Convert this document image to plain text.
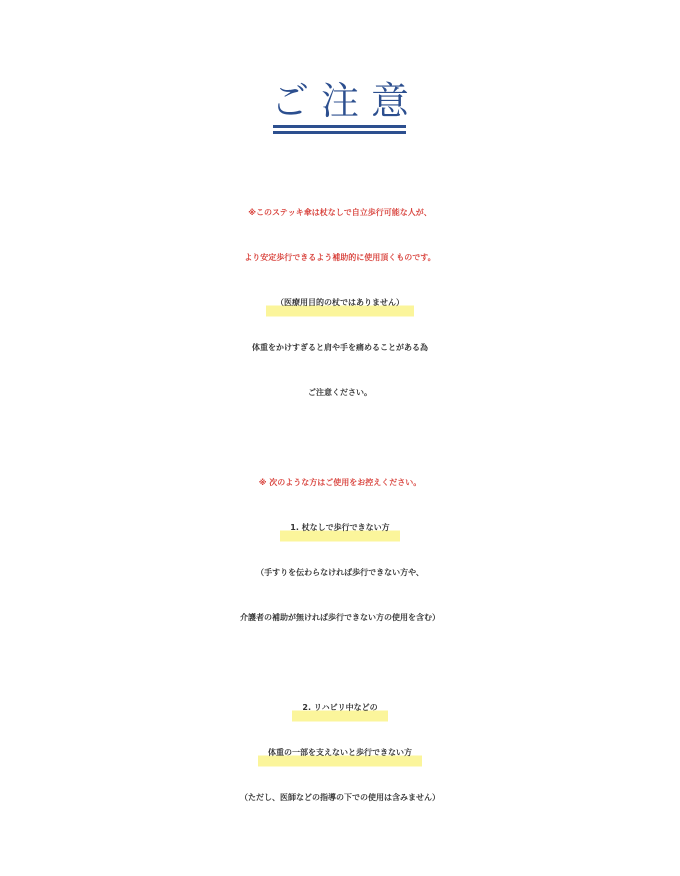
ご注意
※このステッキ傘は杖なしで自立歩行可能な人が、
より安定歩行できるよう補助的に使用頂くものです。
（医療用目的の杖ではありません）
体重をかけすぎると肩や手を痛めることがある為
ご注意ください。
※ 次のような方はご使用をお控えください。
1. 杖なしで歩行できない方
（手すりを伝わらなければ歩行できない方や、
介護者の補助が無ければ歩行できない方の使用を含む）
2. リハビリ中などの
体重の一部を支えないと歩行できない方
（ただし、医師などの指導の下での使用は含みません）
